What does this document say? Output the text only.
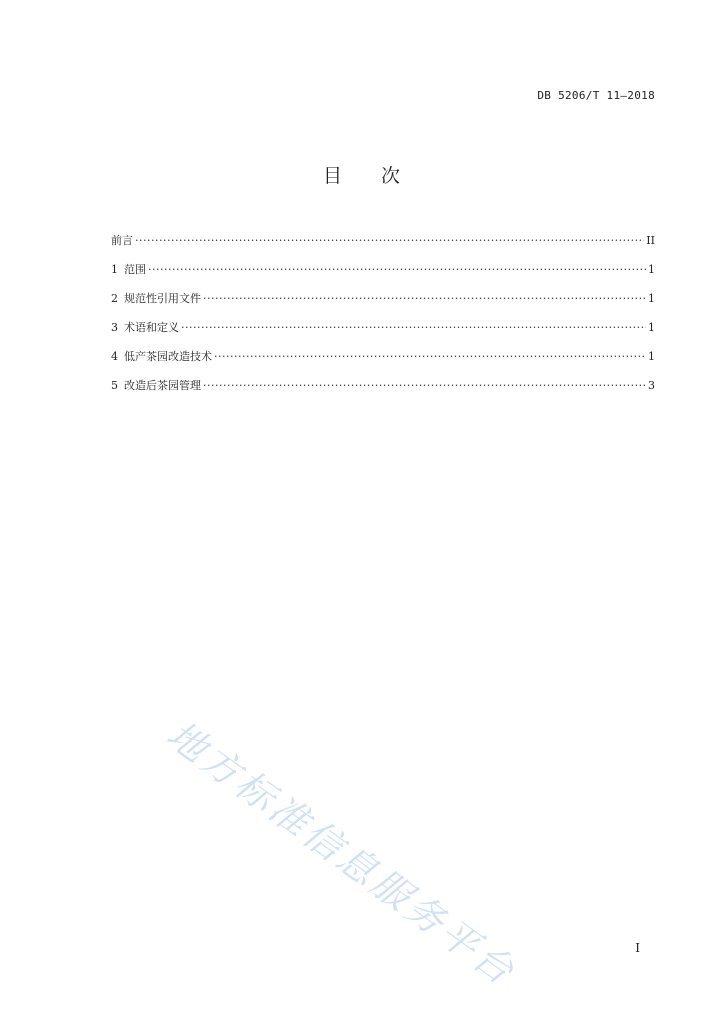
DB 5206/T 11—2018
目 次
前言 ·····	II
1 范围 ·····	1
2 规范性引用文件 ·····	1
3 术语和定义 ·····	1
4 低产茶园改造技术 ·····	1
5 改造后茶园管理 ·····	3
地方标准信息服务平台	I
